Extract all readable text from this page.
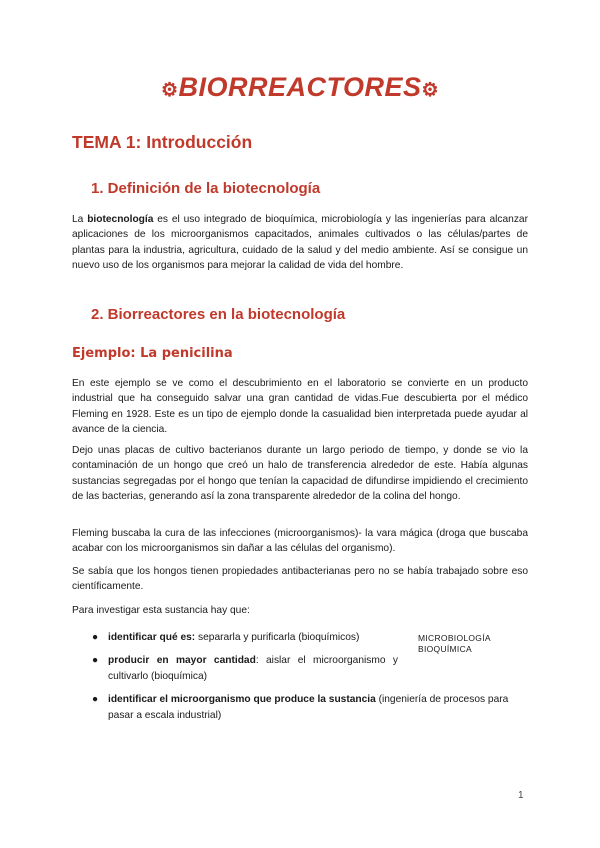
⚙BIORREACTORES⚙
TEMA 1: Introducción
1. Definición de la biotecnología

La biotecnología es el uso integrado de bioquímica, microbiología y las ingenierías para alcanzar aplicaciones de los microorganismos capacitados, animales cultivados o las células/partes de plantas para la industria, agricultura, cuidado de la salud y del medio ambiente. Así se consigue un nuevo uso de los organismos para mejorar la calidad de vida del hombre.

2. Biorreactores en la biotecnología
Ejemplo: La penicilina

En este ejemplo se ve como el descubrimiento en el laboratorio se convierte en un producto industrial que ha conseguido salvar una gran cantidad de vidas.Fue descubierta por el médico Fleming en 1928. Este es un tipo de ejemplo donde la casualidad bien interpretada puede ayudar al avance de la ciencia.

Dejo unas placas de cultivo bacterianos durante un largo periodo de tiempo, y donde se vio la contaminación de un hongo que creó un halo de transferencia alrededor de este. Había algunas sustancias segregadas por el hongo que tenían la capacidad de difundirse impidiendo el crecimiento de las bacterias, generando así la zona transparente alrededor de la colina del hongo.

Fleming buscaba la cura de las infecciones (microorganismos)- la vara mágica (droga que buscaba acabar con los microorganismos sin dañar a las células del organismo).

Se sabía que los hongos tienen propiedades antibacterianas pero no se había trabajado sobre eso científicamente.

Para investigar esta sustancia hay que:

● identificar qué es: separarla y purificarla (bioquímicos)
● producir en mayor cantidad: aislar el microorganismo y cultivarlo (bioquímica)
● identificar el microorganismo que produce la sustancia (ingeniería de procesos para pasar a escala industrial)
MICROBIOLOGÍA
BIOQUÍMICA
1
